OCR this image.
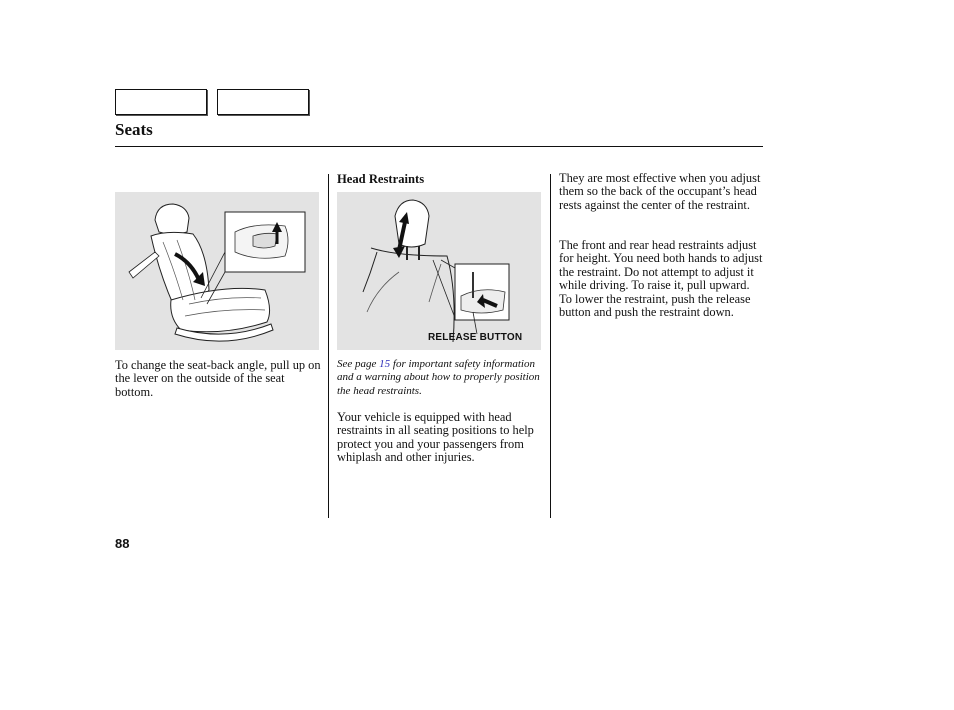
Seats
RELEASE BUTTON
To change the seat-back angle, pull up on the lever on the outside of the seat bottom.
Head Restraints
See page 15 for important safety information and a warning about how to properly position the head restraints.
Your vehicle is equipped with head restraints in all seating positions to help protect you and your passengers from whiplash and other injuries.
They are most effective when you adjust them so the back of the occupant’s head rests against the center of the restraint.
The front and rear head restraints adjust for height. You need both hands to adjust the restraint. Do not attempt to adjust it while driving. To raise it, pull upward. To lower the restraint, push the release button and push the restraint down.
88
